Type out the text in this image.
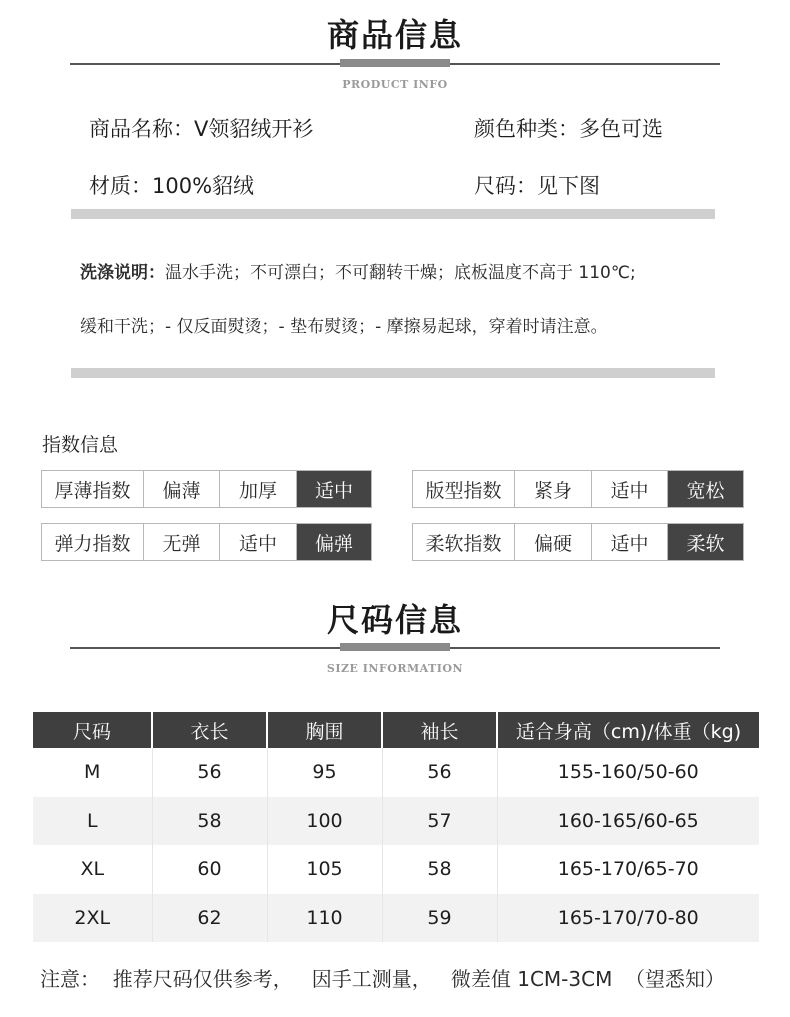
商品信息
PRODUCT INFO
商品名称：V领貂绒开衫	颜色种类：多色可选
材质：100%貂绒	尺码：见下图
洗涤说明：温水手洗；不可漂白；不可翻转干燥；底板温度不高于 110℃;
缓和干洗；- 仅反面熨烫；- 垫布熨烫；- 摩擦易起球，穿着时请注意。
指数信息
厚薄指数	偏薄	加厚	适中	版型指数	紧身	适中	宽松
弹力指数	无弹	适中	偏弹	柔软指数	偏硬	适中	柔软
尺码信息
SIZE INFORMATION
尺码	衣长	胸围	袖长	适合身高（cm)/体重（kg)
M	56	95	56	155-160/50-60
L	58	100	57	160-165/60-65
XL	60	105	58	165-170/65-70
2XL	62	110	59	165-170/70-80
注意：  推荐尺码仅供参考，   因手工测量，   微差值 1CM-3CM  （望悉知）
